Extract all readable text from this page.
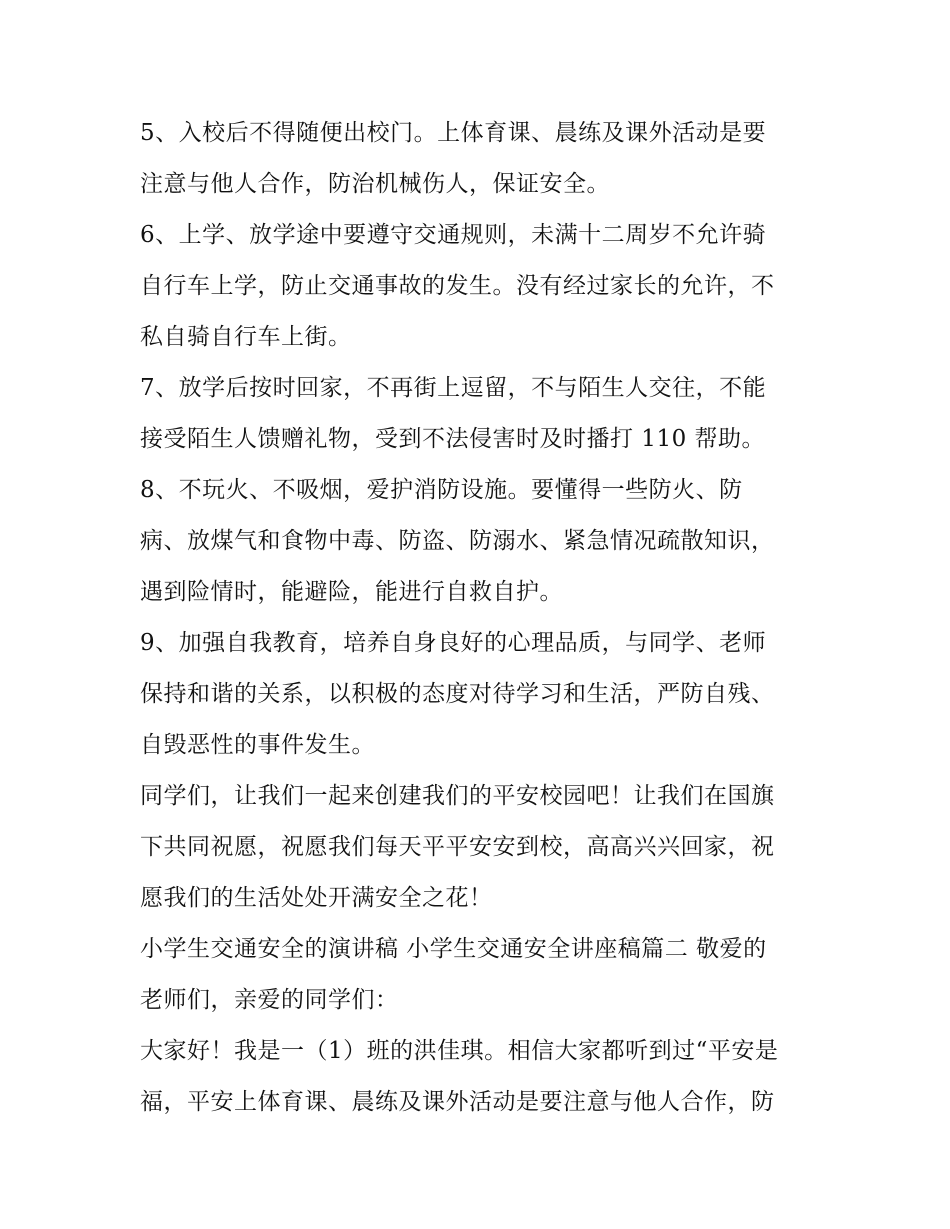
5、入校后不得随便出校门。上体育课、晨练及课外活动是要
注意与他人合作，防治机械伤人，保证安全。
6、上学、放学途中要遵守交通规则，未满十二周岁不允许骑
自行车上学，防止交通事故的发生。没有经过家长的允许，不
私自骑自行车上街。
7、放学后按时回家，不再街上逗留，不与陌生人交往，不能
接受陌生人馈赠礼物，受到不法侵害时及时播打 110 帮助。
8、不玩火、不吸烟，爱护消防设施。要懂得一些防火、防
病、放煤气和食物中毒、防盗、防溺水、紧急情况疏散知识，
遇到险情时，能避险，能进行自救自护。
9、加强自我教育，培养自身良好的心理品质，与同学、老师
保持和谐的关系，以积极的态度对待学习和生活，严防自残、
自毁恶性的事件发生。
同学们，让我们一起来创建我们的平安校园吧！让我们在国旗
下共同祝愿，祝愿我们每天平平安安到校，高高兴兴回家，祝
愿我们的生活处处开满安全之花！
小学生交通安全的演讲稿 小学生交通安全讲座稿篇二 敬爱的
老师们，亲爱的同学们：
大家好！我是一（1）班的洪佳琪。相信大家都听到过“平安是
福，平安上体育课、晨练及课外活动是要注意与他人合作，防
